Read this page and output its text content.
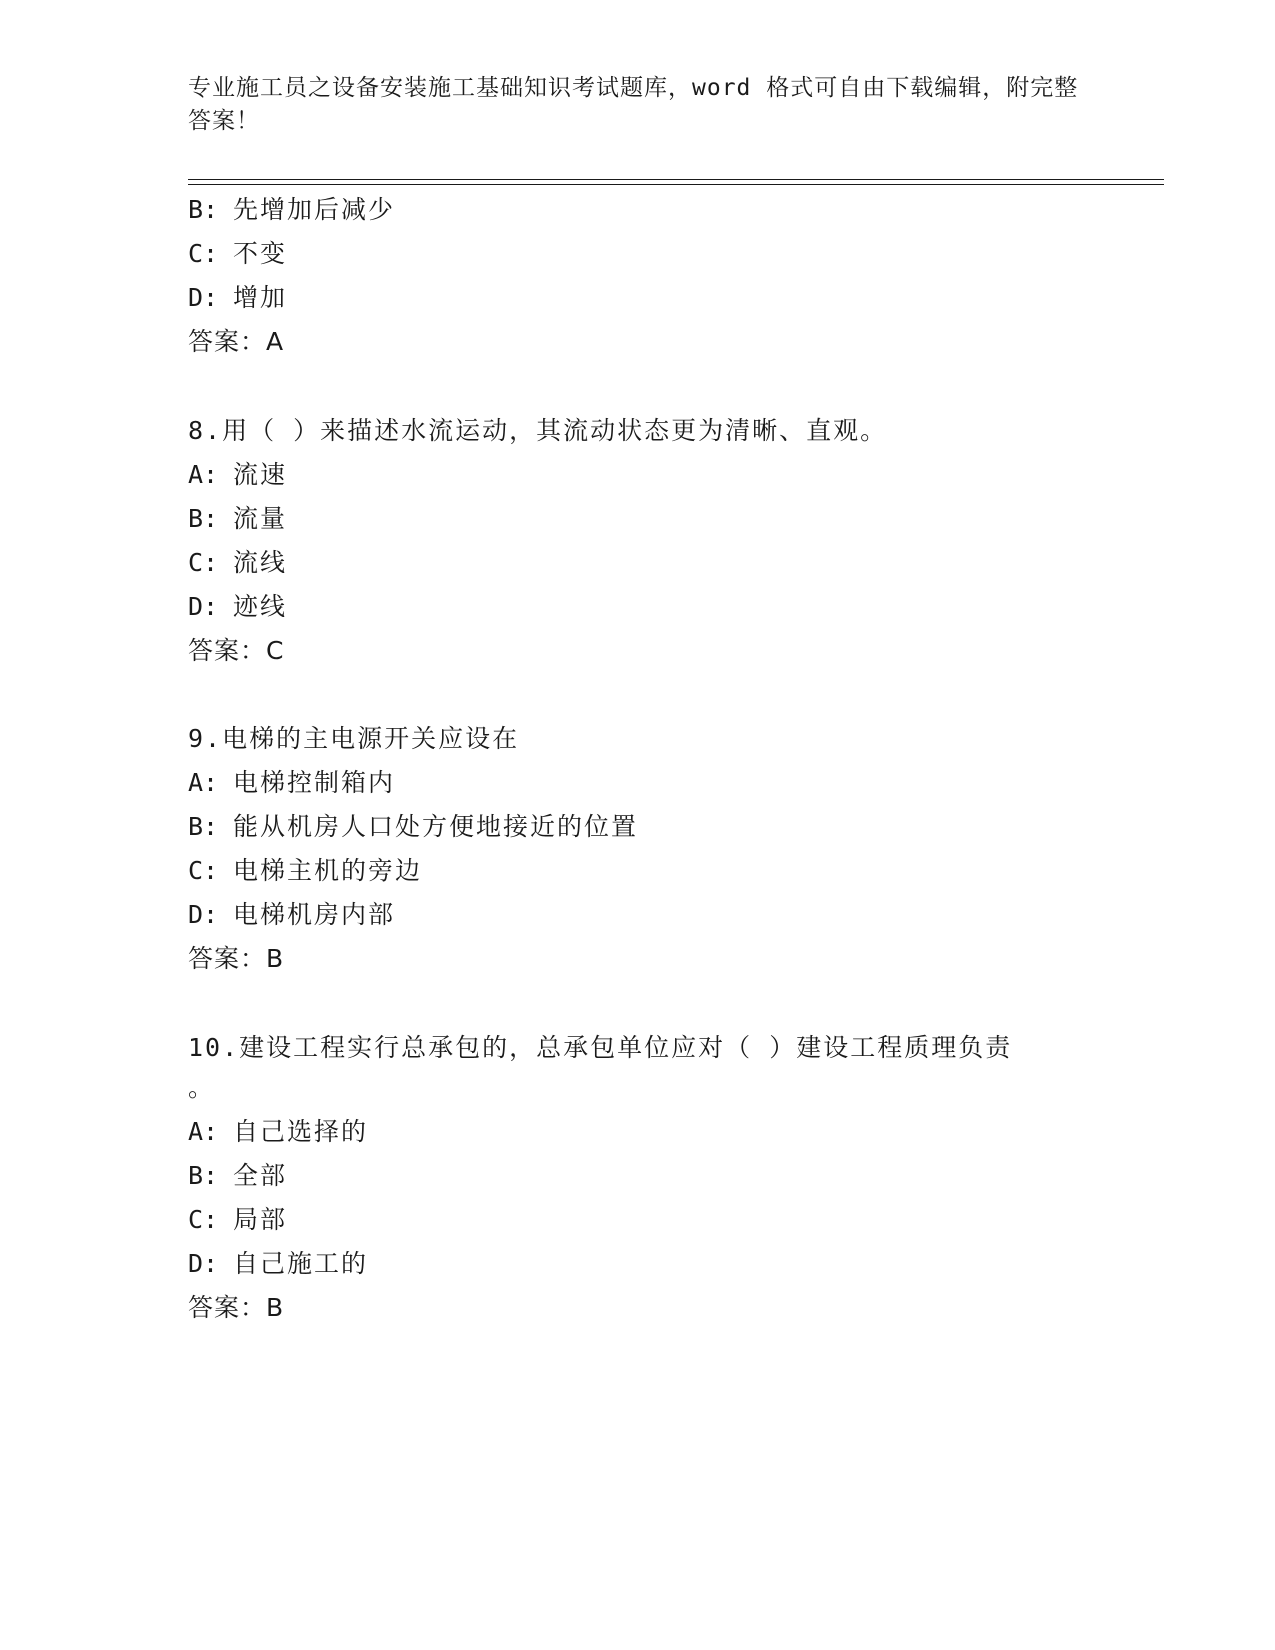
专业施工员之设备安装施工基础知识考试题库，word 格式可自由下载编辑，附完整答案！
B: 先增加后减少
C: 不变
D: 增加
答案：A
8.用（ ）来描述水流运动，其流动状态更为清晰、直观。
A: 流速
B: 流量
C: 流线
D: 迹线
答案：C
9.电梯的主电源开关应设在
A: 电梯控制箱内
B: 能从机房人口处方便地接近的位置
C: 电梯主机的旁边
D: 电梯机房内部
答案：B
10.建设工程实行总承包的，总承包单位应对（ ）建设工程质理负责
。
A: 自己选择的
B: 全部
C: 局部
D: 自己施工的
答案：B
